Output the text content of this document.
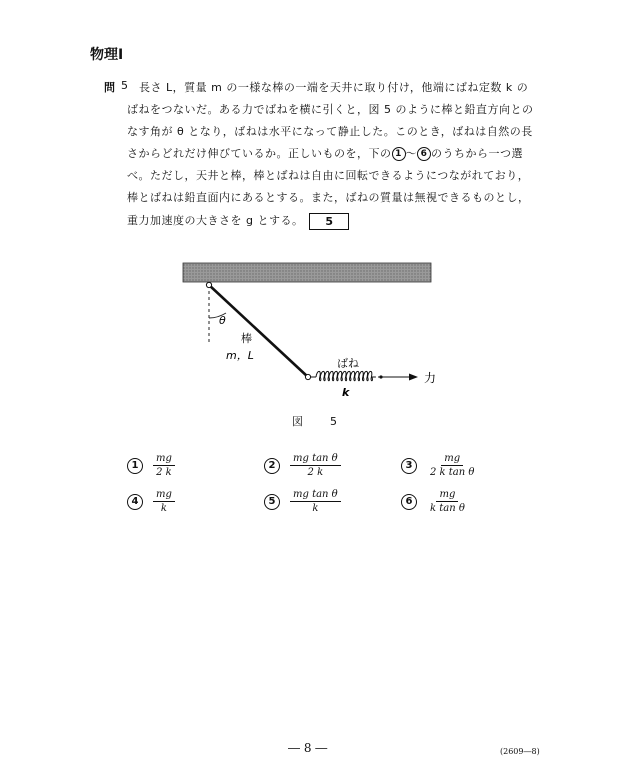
物理Ⅰ
問 5 長さ L，質量 m の一様な棒の一端を天井に取り付け，他端にばね定数 k の
ばねをつないだ。ある力でばねを横に引くと，図 5 のように棒と鉛直方向との
なす角が θ となり，ばねは水平になって静止した。このとき，ばねは自然の長
さからどれだけ伸びているか。正しいものを，下の 1 ～ 6 のうちから一つ選
べ。ただし，天井と棒，棒とばねは自由に回転できるようにつながれており，
棒とばねは鉛直面内にあるとする。また，ばねの質量は無視できるものとし，
重力加速度の大きさを g とする。 5
θ
棒
m，L
ばね
k
力
図　5
1	$\frac{mg}{2 k}$	2	$\frac{\text{mg tan θ}}{2 k}$	3	$\frac{mg}{\text{2 k tan θ}}$
4	$\frac{mg}{k}$	5	$\frac{\text{mg tan θ}}{k}$	6	$\frac{mg}{\text{k tan θ}}$
― 8 ―	(2609―8)
